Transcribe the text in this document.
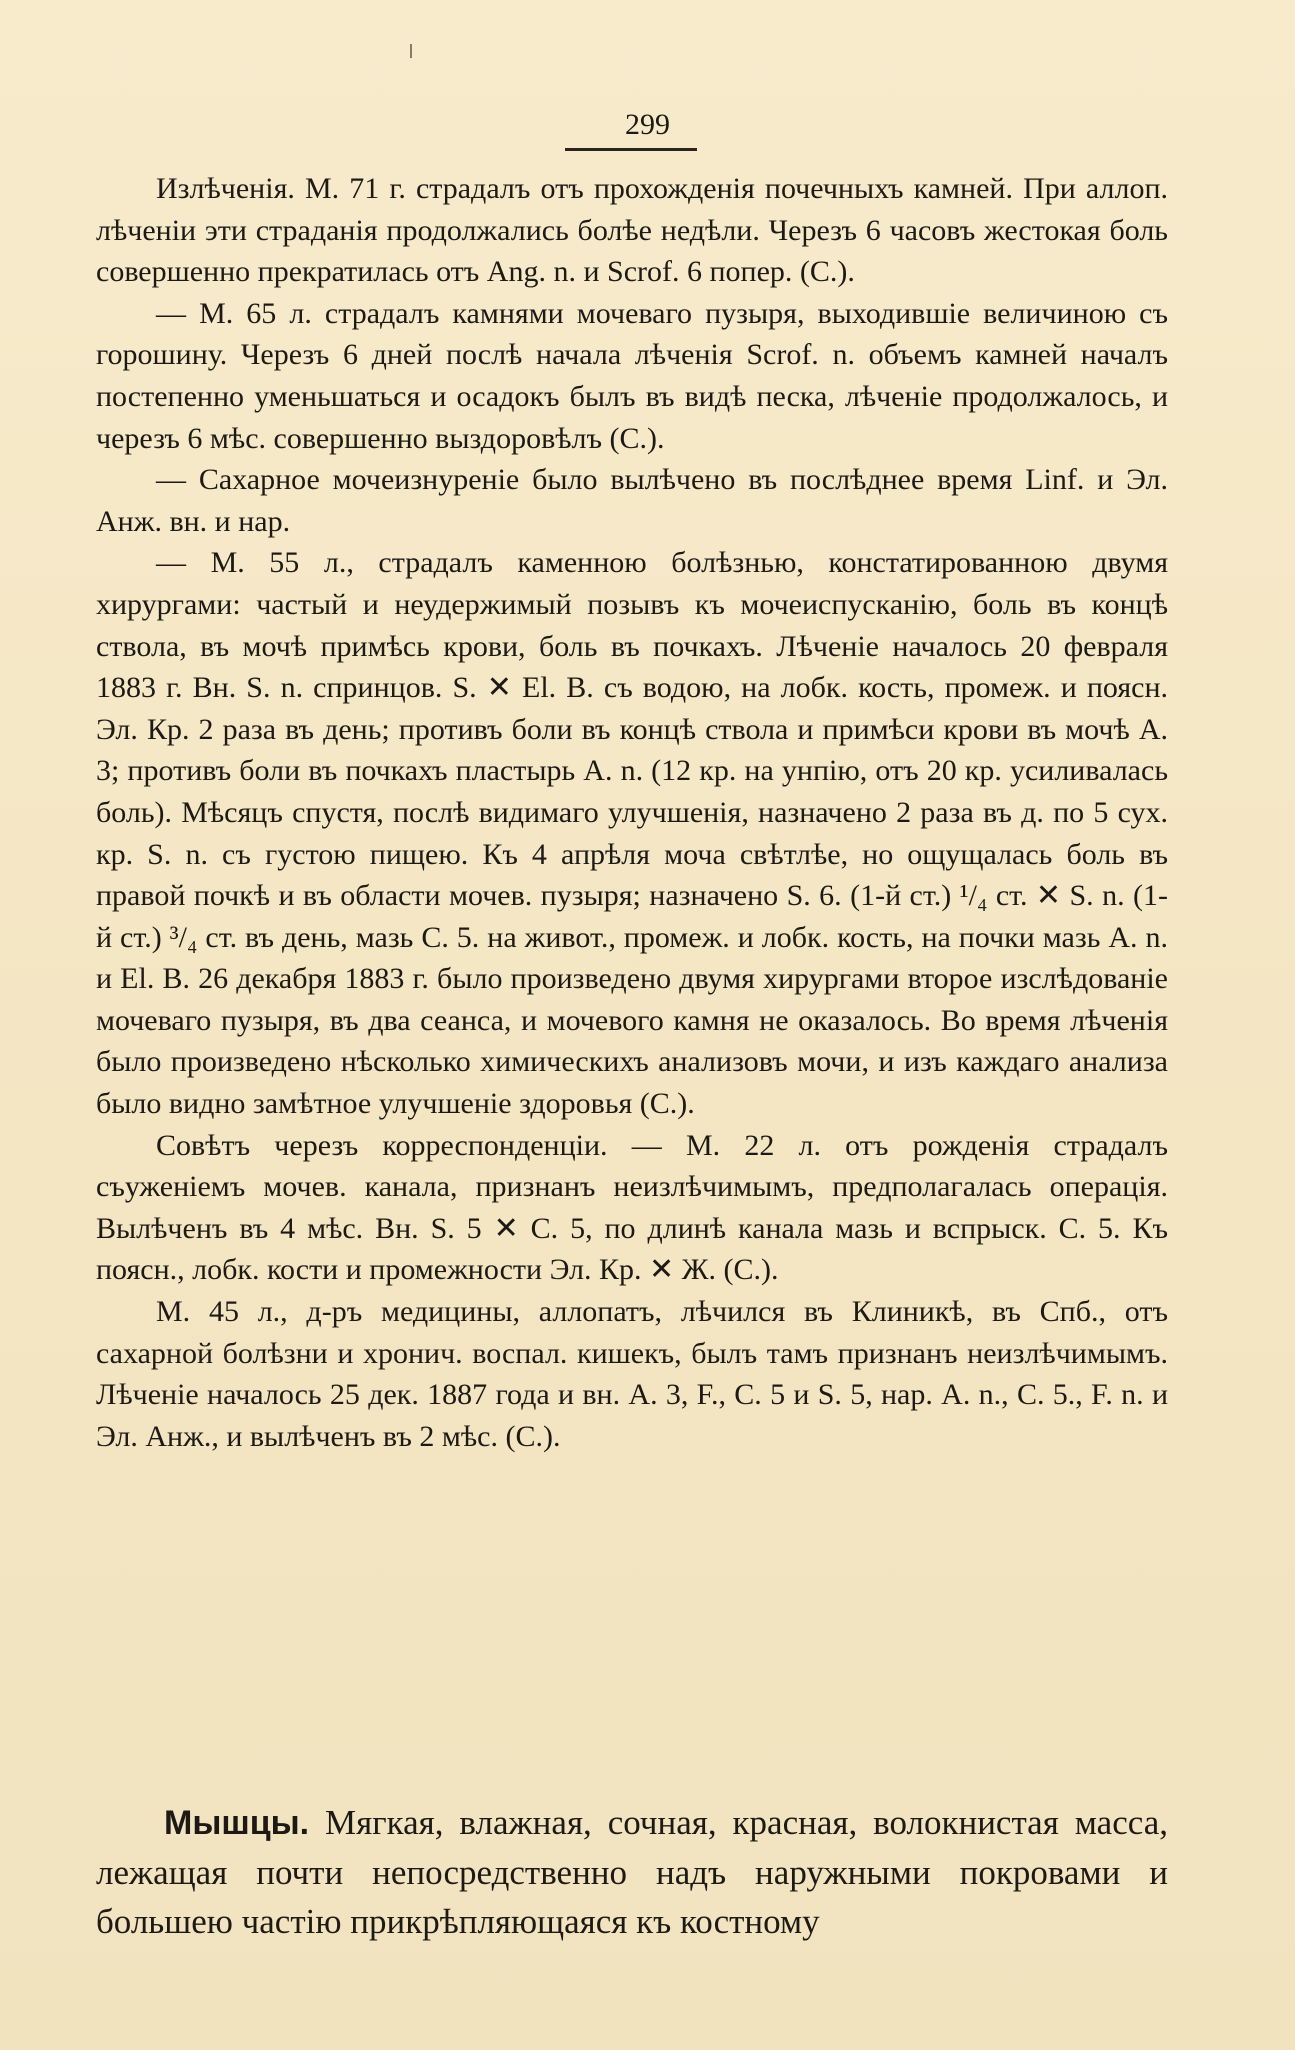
299

Излѣченія. М. 71 г. страдалъ отъ прохожденія почечныхъ камней. При аллоп. лѣченіи эти страданія продолжались болѣе недѣли. Черезъ 6 часовъ жестокая боль совершенно прекратилась отъ Ang. n. и Scrof. 6 попер. (С.).

— М. 65 л. страдалъ камнями мочеваго пузыря, выходившіе величиною съ горошину. Черезъ 6 дней послѣ начала лѣченія Scrof. n. объемъ камней началъ постепенно уменьшаться и осадокъ былъ въ видѣ песка, лѣченіе продолжалось, и черезъ 6 мѣс. совершенно выздоровѣлъ (С.).

— Сахарное мочеизнуреніе было вылѣчено въ послѣднее время Linf. и Эл. Анж. вн. и нар.

— М. 55 л., страдалъ каменною болѣзнью, констатированною двумя хирургами: частый и неудержимый позывъ къ мочеиспусканію, боль въ концѣ ствола, въ мочѣ примѣсь крови, боль въ почкахъ. Лѣченіе началось 20 февраля 1883 г. Вн. S. n. спринцов. S. ✕ El. B. съ водою, на лобк. кость, промеж. и поясн. Эл. Кр. 2 раза въ день; противъ боли въ концѣ ствола и примѣси крови въ мочѣ А. 3; противъ боли въ почкахъ пластырь А. n. (12 кр. на унпію, отъ 20 кр. усиливалась боль). Мѣсяцъ спустя, послѣ видимаго улучшенія, назначено 2 раза въ д. по 5 сух. кр. S. n. съ густою пищею. Къ 4 апрѣля моча свѣтлѣе, но ощущалась боль въ правой почкѣ и въ области мочев. пузыря; назначено S. 6. (1-й ст.) ¹/₄ ст. ✕ S. n. (1-й ст.) ³/₄ ст. въ день, мазь С. 5. на живот., промеж. и лобк. кость, на почки мазь А. n. и El. B. 26 декабря 1883 г. было произведено двумя хирургами второе изслѣдованіе мочеваго пузыря, въ два сеанса, и мочевого камня не оказалось. Во время лѣченія было произведено нѣсколько химическихъ анализовъ мочи, и изъ каждаго анализа было видно замѣтное улучшеніе здоровья (С.).

Совѣтъ черезъ корреспонденціи. — М. 22 л. отъ рожденія страдалъ съуженіемъ мочев. канала, признанъ неизлѣчимымъ, предполагалась операція. Вылѣченъ въ 4 мѣс. Вн. S. 5 ✕ С. 5, по длинѣ канала мазь и вспрыск. С. 5. Къ поясн., лобк. кости и промежности Эл. Кр. ✕ Ж. (С.).

М. 45 л., д-ръ медицины, аллопатъ, лѣчился въ Клиникѣ, въ Спб., отъ сахарной болѣзни и хронич. воспал. кишекъ, былъ тамъ признанъ неизлѣчимымъ. Лѣченіе началось 25 дек. 1887 года и вн. А. 3, F., С. 5 и S. 5, нар. А. n., С. 5., F. n. и Эл. Анж., и вылѣченъ въ 2 мѣс. (С.).

Мышцы. Мягкая, влажная, сочная, красная, волокнистая масса, лежащая почти непосредственно надъ наружными покровами и большею частію прикрѣпляющаяся къ костному
